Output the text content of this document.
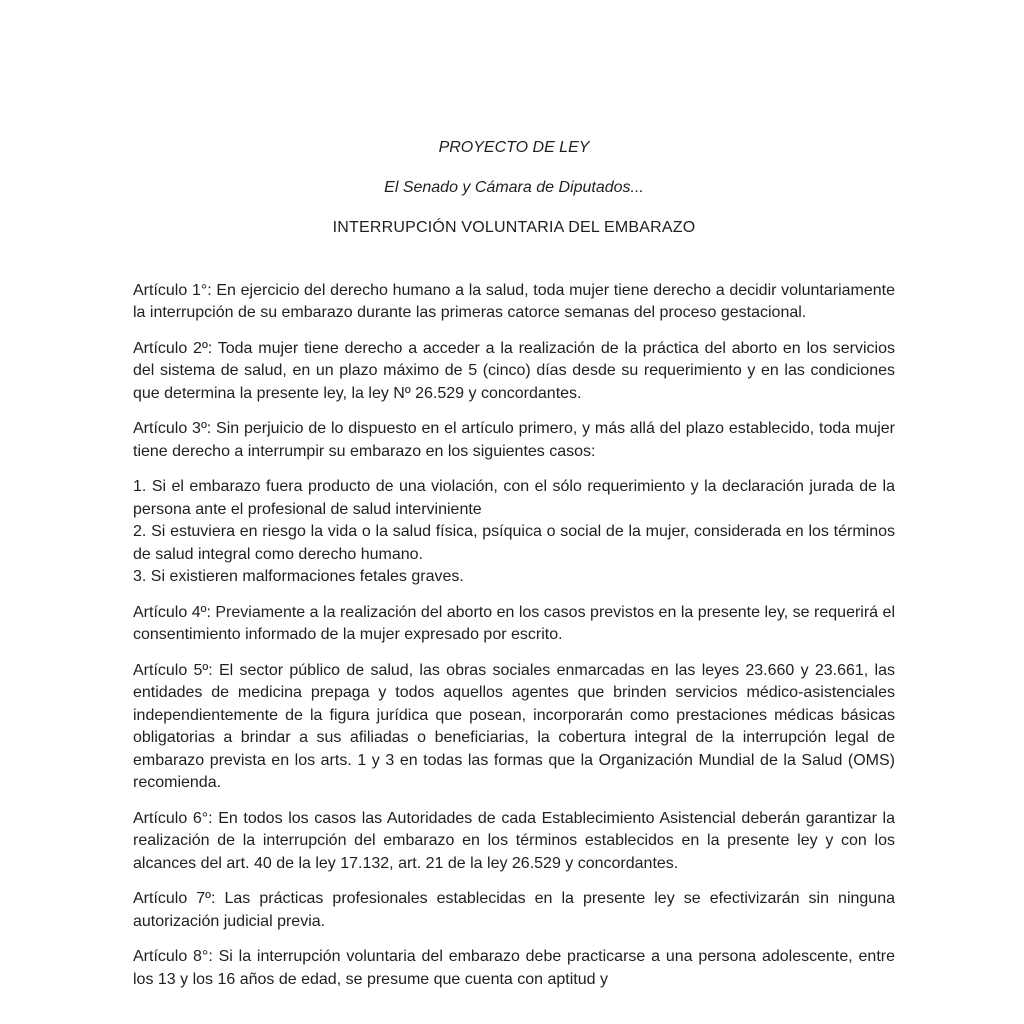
PROYECTO DE LEY
El Senado y Cámara de Diputados...
INTERRUPCIÓN VOLUNTARIA DEL EMBARAZO

Artículo 1°: En ejercicio del derecho humano a la salud, toda mujer tiene derecho a decidir voluntariamente la interrupción de su embarazo durante las primeras catorce semanas del proceso gestacional.

Artículo 2º: Toda mujer tiene derecho a acceder a la realización de la práctica del aborto en los servicios del sistema de salud, en un plazo máximo de 5 (cinco) días desde su requerimiento y en las condiciones que determina la presente ley, la ley Nº 26.529 y concordantes.

Artículo 3º: Sin perjuicio de lo dispuesto en el artículo primero, y más allá del plazo establecido, toda mujer tiene derecho a interrumpir su embarazo en los siguientes casos:

1. Si el embarazo fuera producto de una violación, con el sólo requerimiento y la declaración jurada de la persona ante el profesional de salud interviniente

2. Si estuviera en riesgo la vida o la salud física, psíquica o social de la mujer, considerada en los términos de salud integral como derecho humano.

3. Si existieren malformaciones fetales graves.

Artículo 4º: Previamente a la realización del aborto en los casos previstos en la presente ley, se requerirá el consentimiento informado de la mujer expresado por escrito.

Artículo 5º: El sector público de salud, las obras sociales enmarcadas en las leyes 23.660 y 23.661, las entidades de medicina prepaga y todos aquellos agentes que brinden servicios médico-asistenciales independientemente de la figura jurídica que posean, incorporarán como prestaciones médicas básicas obligatorias a brindar a sus afiliadas o beneficiarias, la cobertura integral de la interrupción legal de embarazo prevista en los arts. 1 y 3 en todas las formas que la Organización Mundial de la Salud (OMS) recomienda.

Artículo 6°: En todos los casos las Autoridades de cada Establecimiento Asistencial deberán garantizar la realización de la interrupción del embarazo en los términos establecidos en la presente ley y con los alcances del art. 40 de la ley 17.132, art. 21 de la ley 26.529 y concordantes.

Artículo 7º: Las prácticas profesionales establecidas en la presente ley se efectivizarán sin ninguna autorización judicial previa.

Artículo 8°: Si la interrupción voluntaria del embarazo debe practicarse a una persona adolescente, entre los 13 y los 16 años de edad, se presume que cuenta con aptitud y
